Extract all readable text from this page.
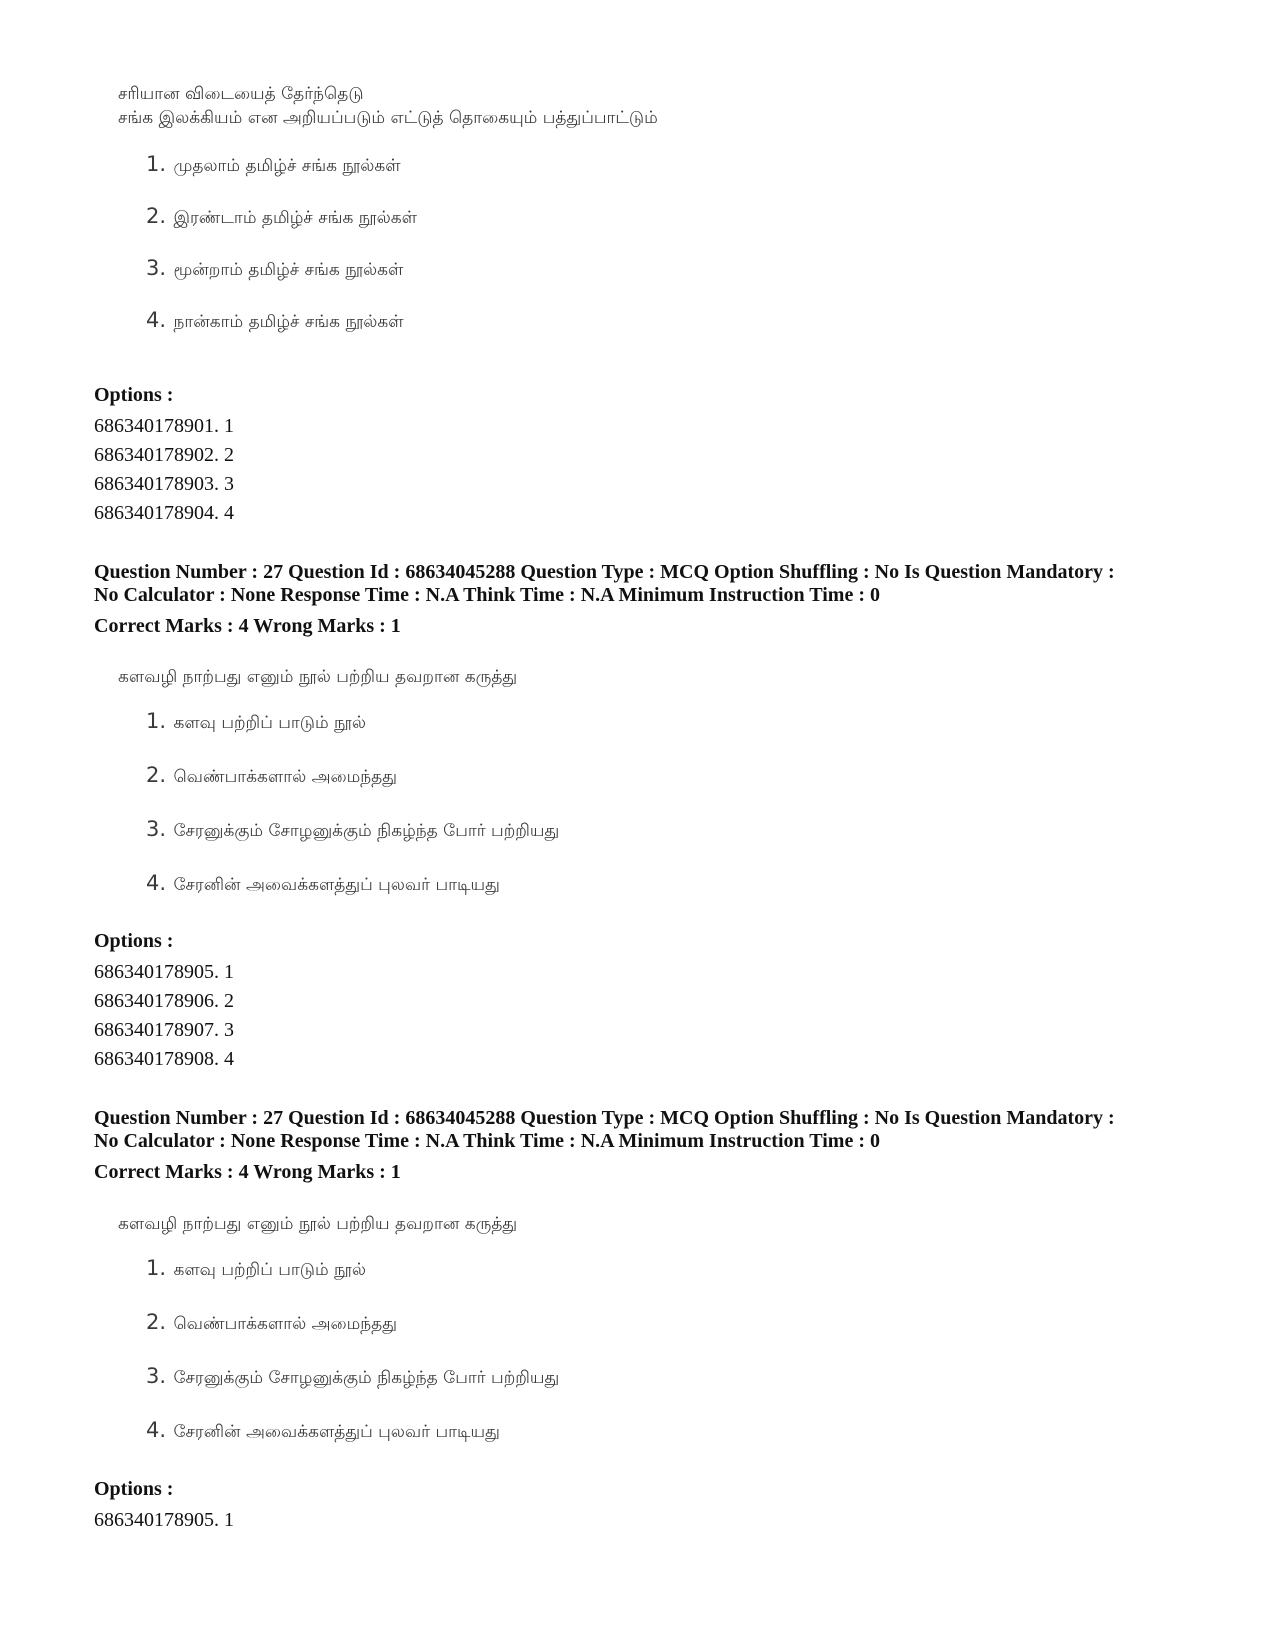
சரியான விடையைத் தேர்ந்தெடு
சங்க இலக்கியம் என அறியப்படும் எட்டுத் தொகையும் பத்துப்பாட்டும்
1. முதலாம் தமிழ்ச் சங்க நூல்கள்
2. இரண்டாம் தமிழ்ச் சங்க நூல்கள்
3. மூன்றாம் தமிழ்ச் சங்க நூல்கள்
4. நான்காம் தமிழ்ச் சங்க நூல்கள்
Options :
686340178901. 1
686340178902. 2
686340178903. 3
686340178904. 4
Question Number : 27 Question Id : 68634045288 Question Type : MCQ Option Shuffling : No Is Question Mandatory :
No Calculator : None Response Time : N.A Think Time : N.A Minimum Instruction Time : 0
Correct Marks : 4 Wrong Marks : 1
களவழி நாற்பது எனும் நூல் பற்றிய தவறான கருத்து
1. களவு பற்றிப் பாடும் நூல்
2. வெண்பாக்களால் அமைந்தது
3. சேரனுக்கும் சோழனுக்கும் நிகழ்ந்த போர் பற்றியது
4. சேரனின் அவைக்களத்துப் புலவர் பாடியது
Options :
686340178905. 1
686340178906. 2
686340178907. 3
686340178908. 4
Question Number : 27 Question Id : 68634045288 Question Type : MCQ Option Shuffling : No Is Question Mandatory :
No Calculator : None Response Time : N.A Think Time : N.A Minimum Instruction Time : 0
Correct Marks : 4 Wrong Marks : 1
களவழி நாற்பது எனும் நூல் பற்றிய தவறான கருத்து
1. களவு பற்றிப் பாடும் நூல்
2. வெண்பாக்களால் அமைந்தது
3. சேரனுக்கும் சோழனுக்கும் நிகழ்ந்த போர் பற்றியது
4. சேரனின் அவைக்களத்துப் புலவர் பாடியது
Options :
686340178905. 1
